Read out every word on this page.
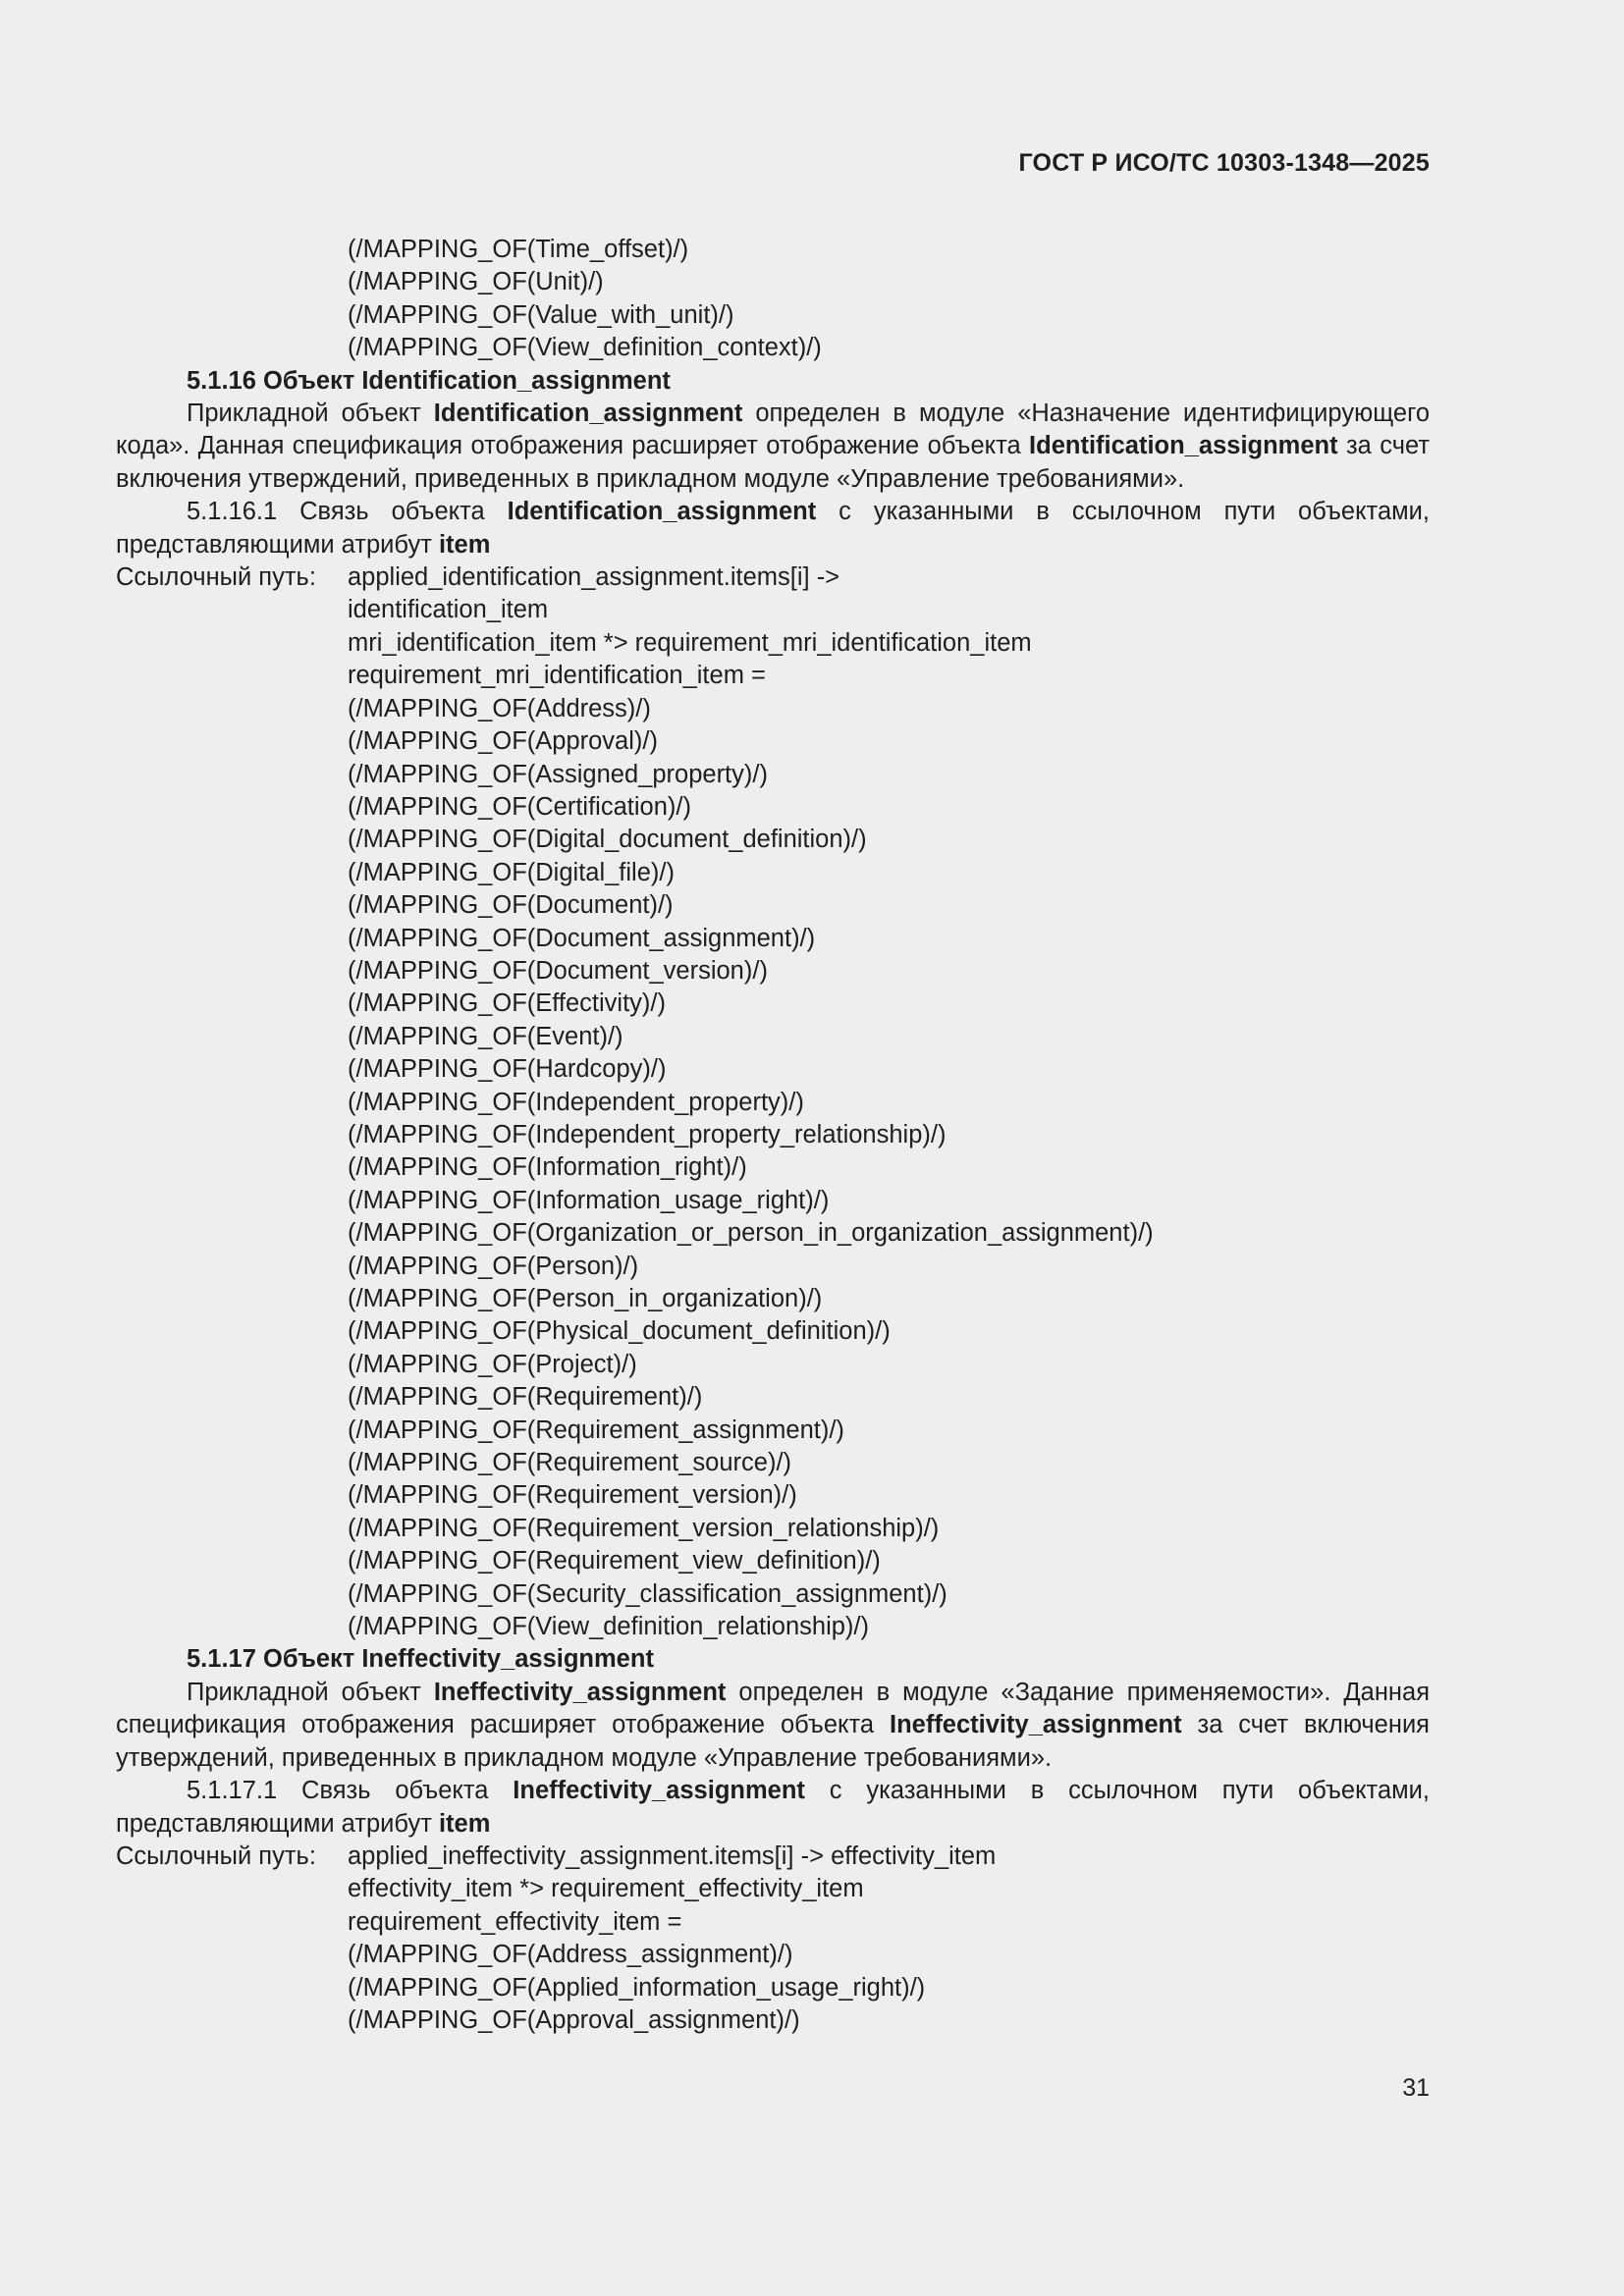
ГОСТ Р ИСО/ТС 10303-1348—2025
(/MAPPING_OF(Time_offset)/)
(/MAPPING_OF(Unit)/)
(/MAPPING_OF(Value_with_unit)/)
(/MAPPING_OF(View_definition_context)/)
5.1.16 Объект Identification_assignment
Прикладной объект Identification_assignment определен в модуле «Назначение идентифицирующего кода». Данная спецификация отображения расширяет отображение объекта Identification_assignment за счет включения утверждений, приведенных в прикладном модуле «Управление требованиями».
5.1.16.1 Связь объекта Identification_assignment с указанными в ссылочном пути объектами, представляющими атрибут item
Ссылочный путь:	applied_identification_assignment.items[i] ->
identification_item
mri_identification_item *> requirement_mri_identification_item
requirement_mri_identification_item =
(/MAPPING_OF(Address)/)
(/MAPPING_OF(Approval)/)
(/MAPPING_OF(Assigned_property)/)
(/MAPPING_OF(Certification)/)
(/MAPPING_OF(Digital_document_definition)/)
(/MAPPING_OF(Digital_file)/)
(/MAPPING_OF(Document)/)
(/MAPPING_OF(Document_assignment)/)
(/MAPPING_OF(Document_version)/)
(/MAPPING_OF(Effectivity)/)
(/MAPPING_OF(Event)/)
(/MAPPING_OF(Hardcopy)/)
(/MAPPING_OF(Independent_property)/)
(/MAPPING_OF(Independent_property_relationship)/)
(/MAPPING_OF(Information_right)/)
(/MAPPING_OF(Information_usage_right)/)
(/MAPPING_OF(Organization_or_person_in_organization_assignment)/)
(/MAPPING_OF(Person)/)
(/MAPPING_OF(Person_in_organization)/)
(/MAPPING_OF(Physical_document_definition)/)
(/MAPPING_OF(Project)/)
(/MAPPING_OF(Requirement)/)
(/MAPPING_OF(Requirement_assignment)/)
(/MAPPING_OF(Requirement_source)/)
(/MAPPING_OF(Requirement_version)/)
(/MAPPING_OF(Requirement_version_relationship)/)
(/MAPPING_OF(Requirement_view_definition)/)
(/MAPPING_OF(Security_classification_assignment)/)
(/MAPPING_OF(View_definition_relationship)/)
5.1.17 Объект Ineffectivity_assignment
Прикладной объект Ineffectivity_assignment определен в модуле «Задание применяемости». Данная спецификация отображения расширяет отображение объекта Ineffectivity_assignment за счет включения утверждений, приведенных в прикладном модуле «Управление требованиями».
5.1.17.1 Связь объекта Ineffectivity_assignment с указанными в ссылочном пути объектами, представляющими атрибут item
Ссылочный путь:	applied_ineffectivity_assignment.items[i] -> effectivity_item
effectivity_item *> requirement_effectivity_item
requirement_effectivity_item =
(/MAPPING_OF(Address_assignment)/)
(/MAPPING_OF(Applied_information_usage_right)/)
(/MAPPING_OF(Approval_assignment)/)
31
